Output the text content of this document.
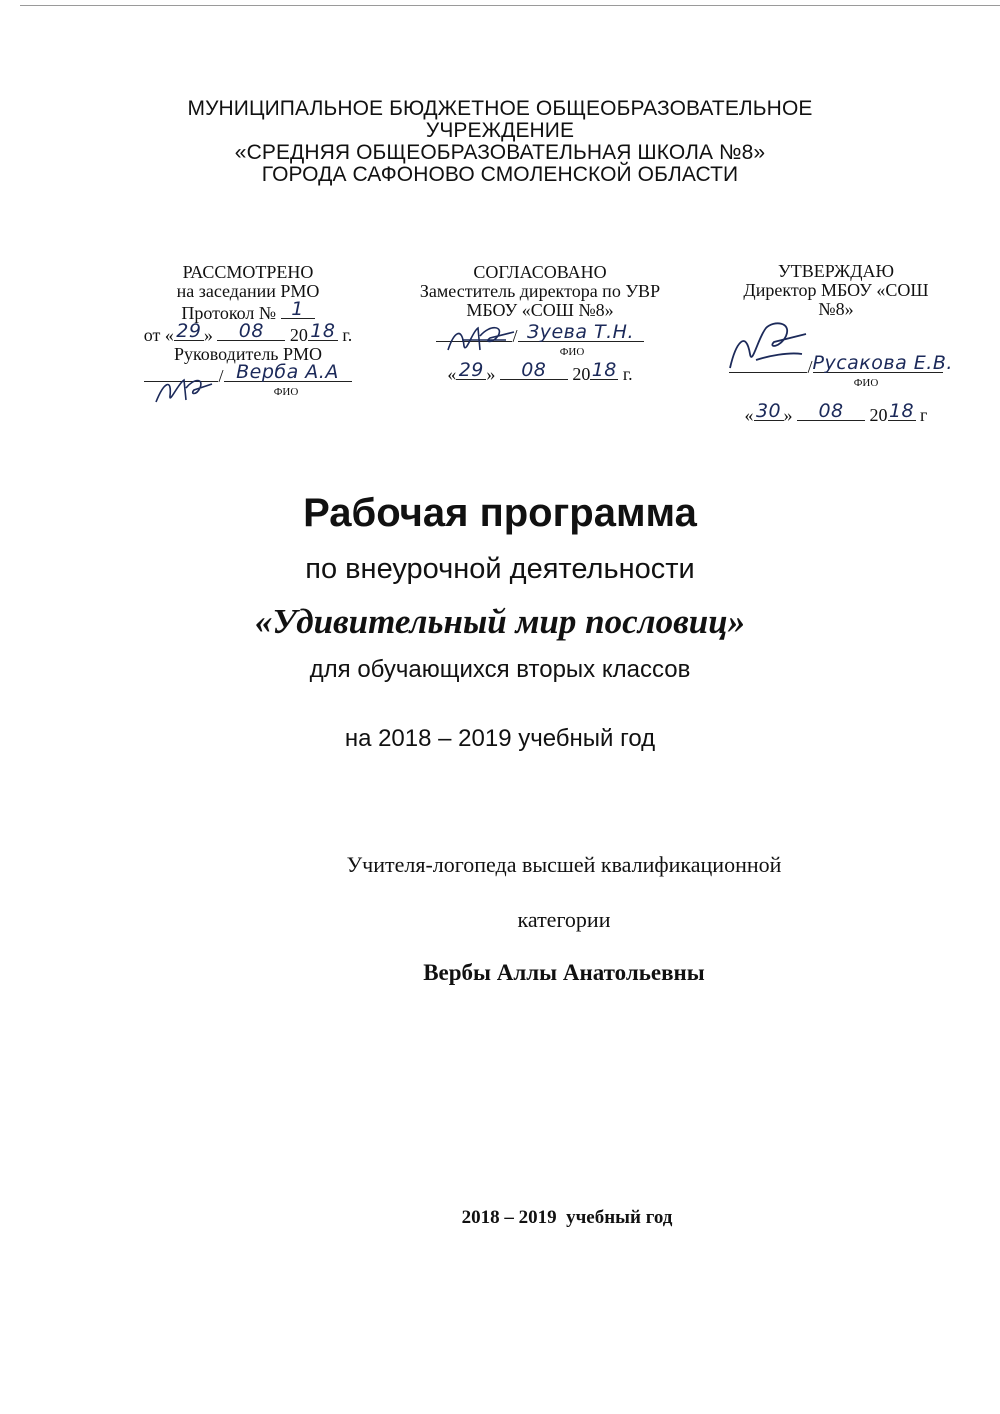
МУНИЦИПАЛЬНОЕ БЮДЖЕТНОЕ ОБЩЕОБРАЗОВАТЕЛЬНОЕ
УЧРЕЖДЕНИЕ
«СРЕДНЯЯ ОБЩЕОБРАЗОВАТЕЛЬНАЯ ШКОЛА №8»
ГОРОДА САФОНОВО СМОЛЕНСКОЙ ОБЛАСТИ
РАССМОТРЕНО
на заседании РМО
Протокол № 1
от « 29 »	08	20 18 г.
Руководитель РМО
/ Верба А.А
ФИО
СОГЛАСОВАНО
Заместитель директора по УВР
МБОУ «СОШ №8»
/ Зуева Т.Н.
ФИО
« 29 »	08	20 18 г.
УТВЕРЖДАЮ
Директор МБОУ «СОШ
№8»
/ Русакова Е.В.
ФИО
« 30 »	08	20 18 г
Рабочая программа
по внеурочной деятельности
«Удивительный мир пословиц»
для обучающихся вторых классов
на 2018 – 2019 учебный год
Учителя-логопеда высшей квалификационной
категории
Вербы Аллы Анатольевны
2018 – 2019  учебный год
